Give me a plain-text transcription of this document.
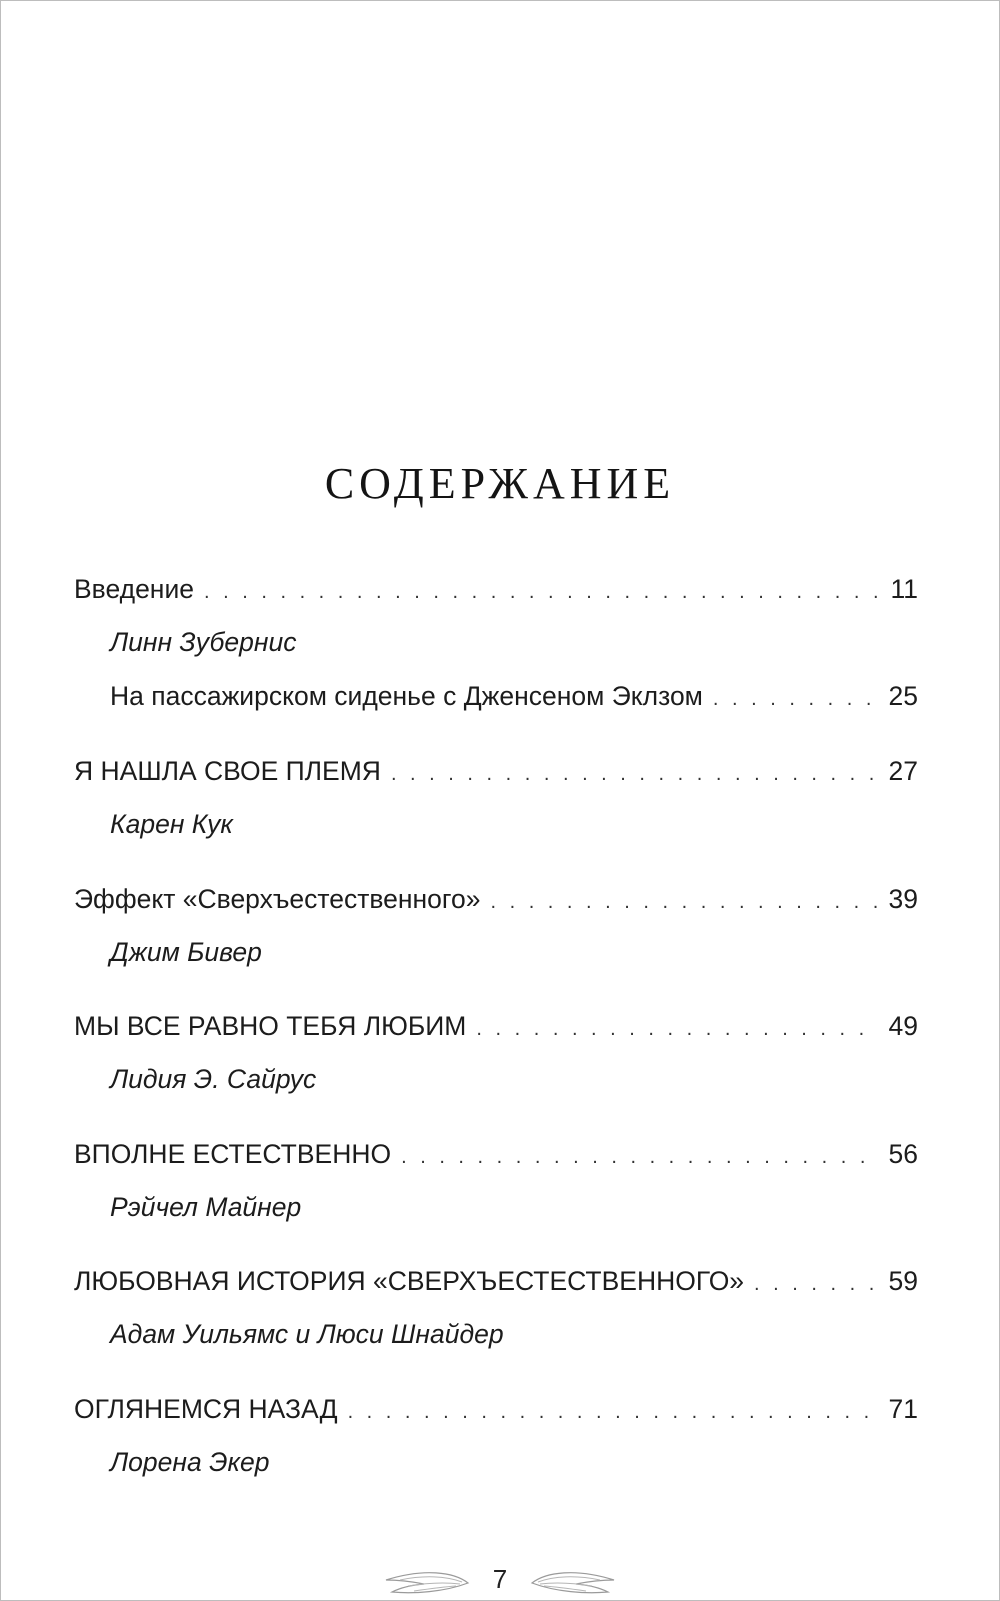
СОДЕРЖАНИЕ
Введение . . .	11
Линн Зубернис
На пассажирском сиденье с Дженсеном Эклзом . . .	25
Я НАШЛА СВОЕ ПЛЕМЯ . . .	27
Карен Кук
Эффект «Сверхъестественного» . . .	39
Джим Бивер
МЫ ВСЕ РАВНО ТЕБЯ ЛЮБИМ . . .	49
Лидия Э. Сайрус
ВПОЛНЕ ЕСТЕСТВЕННО . . .	56
Рэйчел Майнер
ЛЮБОВНАЯ ИСТОРИЯ «СВЕРХЪЕСТЕСТВЕННОГО» . . .	59
Адам Уильямс и Люси Шнайдер
ОГЛЯНЕМСЯ НАЗАД . . .	71
Лорена Экер
7
